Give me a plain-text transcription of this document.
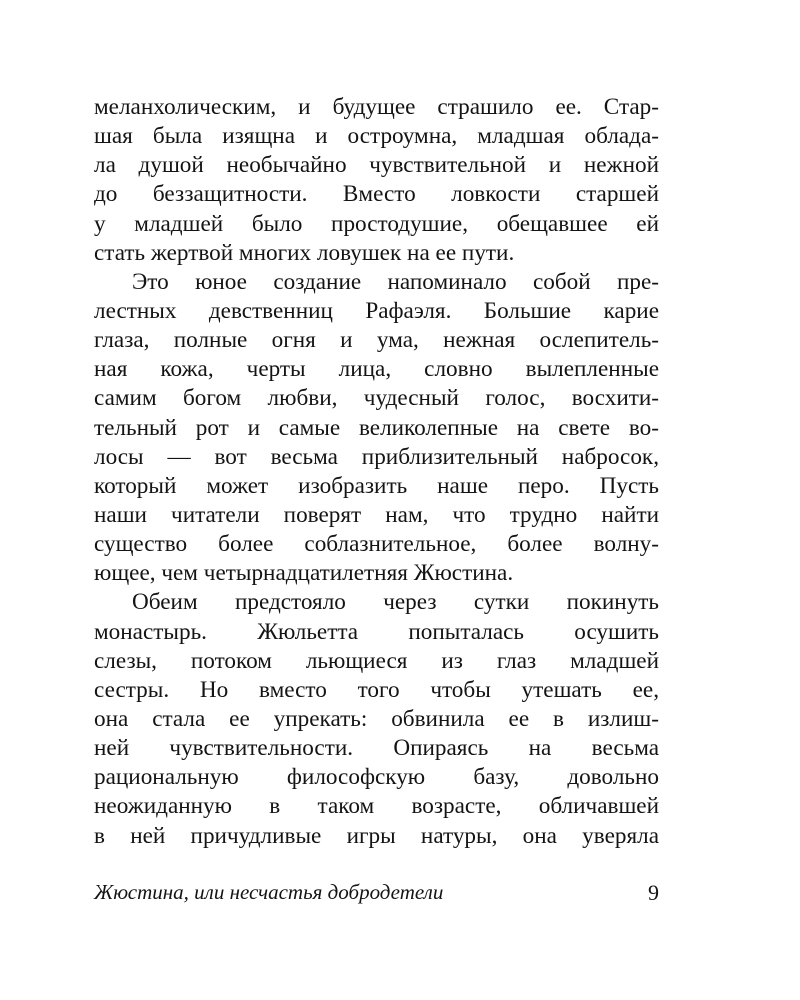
меланхолическим, и будущее страшило ее. Стар-
шая была изящна и остроумна, младшая облада-
ла душой необычайно чувствительной и нежной
до беззащитности. Вместо ловкости старшей
у младшей было простодушие, обещавшее ей
стать жертвой многих ловушек на ее пути.
Это юное создание напоминало собой пре-
лестных девственниц Рафаэля. Большие карие
глаза, полные огня и ума, нежная ослепитель-
ная кожа, черты лица, словно вылепленные
самим богом любви, чудесный голос, восхити-
тельный рот и самые великолепные на свете во-
лосы — вот весьма приблизительный набросок,
который может изобразить наше перо. Пусть
наши читатели поверят нам, что трудно найти
существо более соблазнительное, более волну-
ющее, чем четырнадцатилетняя Жюстина.
Обеим предстояло через сутки покинуть
монастырь. Жюльетта попыталась осушить
слезы, потоком льющиеся из глаз младшей
сестры. Но вместо того чтобы утешать ее,
она стала ее упрекать: обвинила ее в излиш-
ней чувствительности. Опираясь на весьма
рациональную философскую базу, довольно
неожиданную в таком возрасте, обличавшей
в ней причудливые игры натуры, она уверяла
Жюстина, или несчастья добродетели	9
